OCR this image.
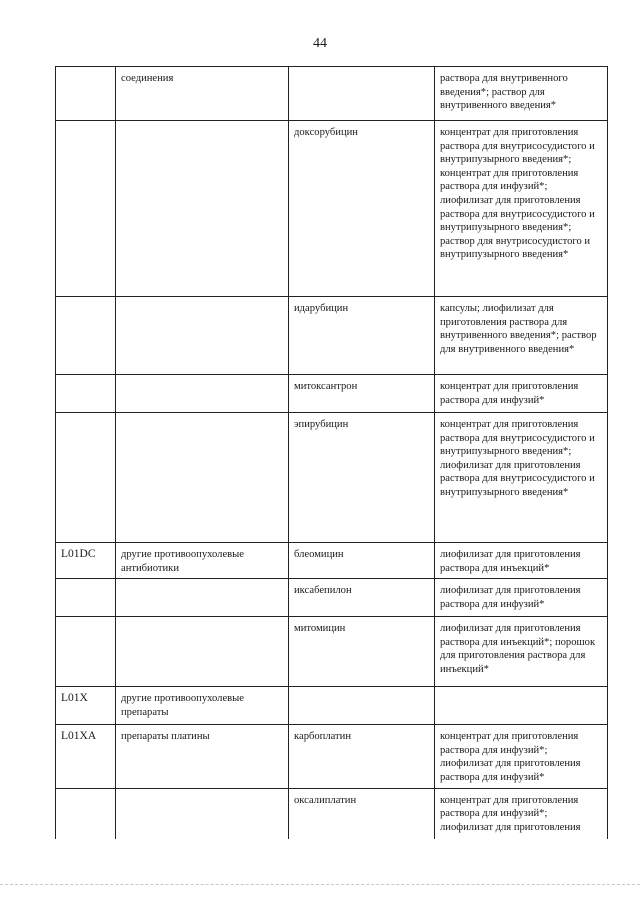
44
	соединения		раствора для внутривенного введения*; раствор для внутривенного введения*
		доксорубицин	концентрат для приготовления раствора для внутрисосудистого и внутрипузырного введения*; концентрат для приготовления раствора для инфузий*; лиофилизат для приготовления раствора для внутрисосудистого и внутрипузырного введения*; раствор для внутрисосудистого и внутрипузырного введения*
		идарубицин	капсулы; лиофилизат для приготовления раствора для внутривенного введения*; раствор для внутривенного введения*
		митоксантрон	концентрат для приготовления раствора для инфузий*
		эпирубицин	концентрат для приготовления раствора для внутрисосудистого и внутрипузырного введения*; лиофилизат для приготовления раствора для внутрисосудистого и внутрипузырного введения*
L01DC	другие противоопухолевые антибиотики	блеомицин	лиофилизат для приготовления раствора для инъекций*
		иксабепилон	лиофилизат для приготовления раствора для инфузий*
		митомицин	лиофилизат для приготовления раствора для инъекций*; порошок для приготовления раствора для инъекций*
L01X	другие противоопухолевые препараты		
L01XA	препараты платины	карбоплатин	концентрат для приготовления раствора для инфузий*; лиофилизат для приготовления раствора для инфузий*
		оксалиплатин	концентрат для приготовления раствора для инфузий*; лиофилизат для приготовления
